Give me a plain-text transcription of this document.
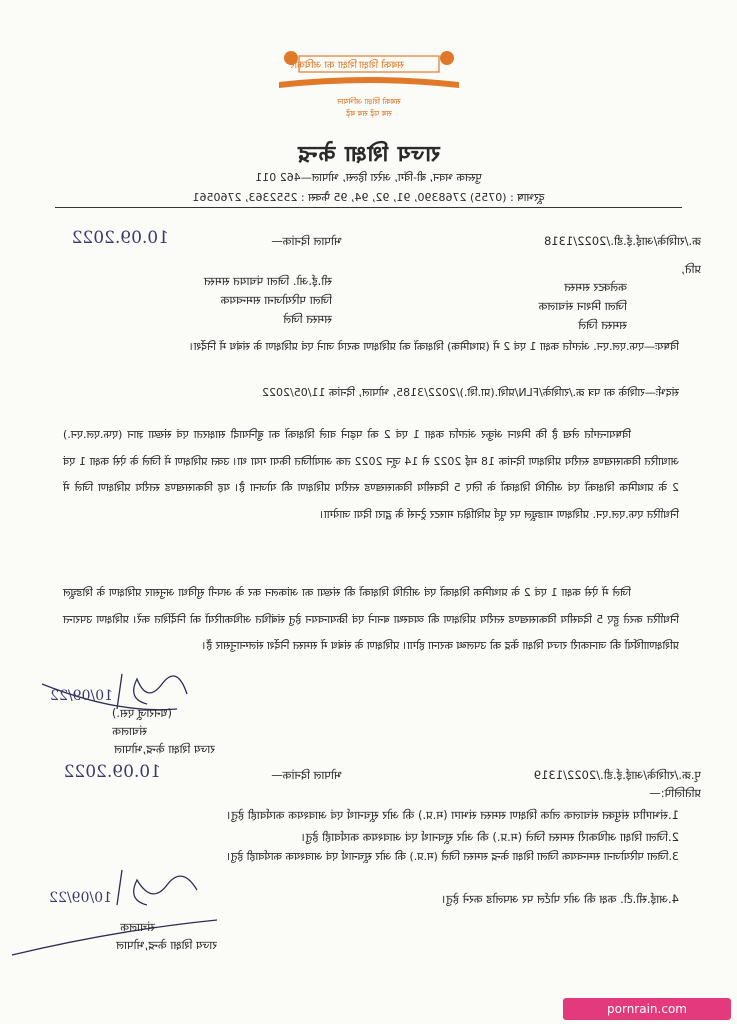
सबको शिक्षा
शिक्षा का अधिकार
सबको शिक्षा अभियान
सब पढ़ें सब बढ़ें
राज्य शिक्षा केन्द्र
पुस्तक भवन, बी-विंग, अरेरा हिल्स, भोपाल—462 011
दूरभाष : (0755) 2768390, 91, 92, 94, 95 फैक्स : 2552363, 2760561
क्र./राशिके/आई.ई.डी./2022/1318
भोपाल दिनांक—
10.09.2022
प्रति,
कलेक्टर समस्त
जिला मिशन संचालक
समस्त जिले
सी.ई.ओ. जिला पंचायत समस्त
जिला परियोजना समन्वयक
समस्त जिले
विषयः—एफ.एल.एन. अंतर्गत कक्षा 1 एवं 2 में (प्राथमिक) शिक्षकों को प्रशिक्षण कराये जाने एवं प्रशिक्षण के संबंध में निर्देश।
संदर्भः—राशिके का पत्र क्र./राशिके/FLN/प्रशि.(प्रा.शि.)/2022/3185, भोपाल, दिनांक 11/05/2022
विषयान्तर्गत लेख है कि मिशन अंकुर अंतर्गत कक्षा 1 एवं 2 को पढ़ाने वाले शिक्षकों का बुनियादी साक्षरता एवं संख्या ज्ञान (एफ.एल.एन.) आधारित विकासखण्ड स्तरीय प्रशिक्षण दिनांक 18 मई 2022 से 14 जून 2022 तक आयोजित किया गया था। उक्त प्रशिक्षण में जिले के ऐसे कक्षा 1 एवं 2 के प्राथमिक शिक्षकों एवं अतिथि शिक्षकों के लिए 5 दिवसीय विकासखण्ड स्तरीय प्रशिक्षण की योजना है। यह विकासखण्ड स्तरीय प्रशिक्षण जिले में निर्धारित एफ.एल.एन. प्रशिक्षण माड्यूल पर पूर्व प्रशिक्षित मास्टर ट्रेनर्स के द्वारा दिया जायेगा।
जिले में ऐसे कक्षा 1 एवं 2 के प्राथमिक शिक्षकों एवं अतिथि शिक्षकों की संख्या का आंकलन कर के अपनी सुविधा अनुसार प्रशिक्षण के शिड्यूल निर्धारित करते हुए 5 दिवसीय विकासखण्ड स्तरीय प्रशिक्षण की व्यवस्था बनाने एवं क्रियान्वयन हेतु संबंधित अधिकारियों को निर्देशित करें। प्रशिक्षण उपरान्त प्रशिक्षणार्थियों की जानकारी राज्य शिक्षा केंद्र को उपलब्ध कराना होगा। प्रशिक्षण के संबंध में समस्त निर्देश संलग्नानुसार हैं।
10/09/22
(धनराजू एस.)
संचालक
राज्य शिक्षा केन्द्र,भोपाल
पृ.क्र./राशिके/आई.ई.डी./2022/1319
भोपाल दिनांक—
10.09.2022
प्रतिलिपि:—
1.संभागीय संयुक्त संचालक लोक शिक्षण समस्त संभाग (म.प्र.) की ओर सूचनार्थ एवं आवश्यक कार्यवाही हेतु।
2.जिला शिक्षा अधिकारी समस्त जिले (म.प्र.) की ओर सूचनार्थ एवं आवश्यक कार्यवाही हेतु।
3.जिला परियोजना समन्वयक जिला शिक्षा केन्द्र समस्त जिले (म.प्र.) की ओर सूचनार्थ एवं आवश्यक कार्यवाही हेतु।
4.आई.सी.टी. कक्ष की ओर पोर्टल पर अपलोड करने हेतु।
10/09/22
संचालक
राज्य शिक्षा केन्द्र,भोपाल
pornrain.com
